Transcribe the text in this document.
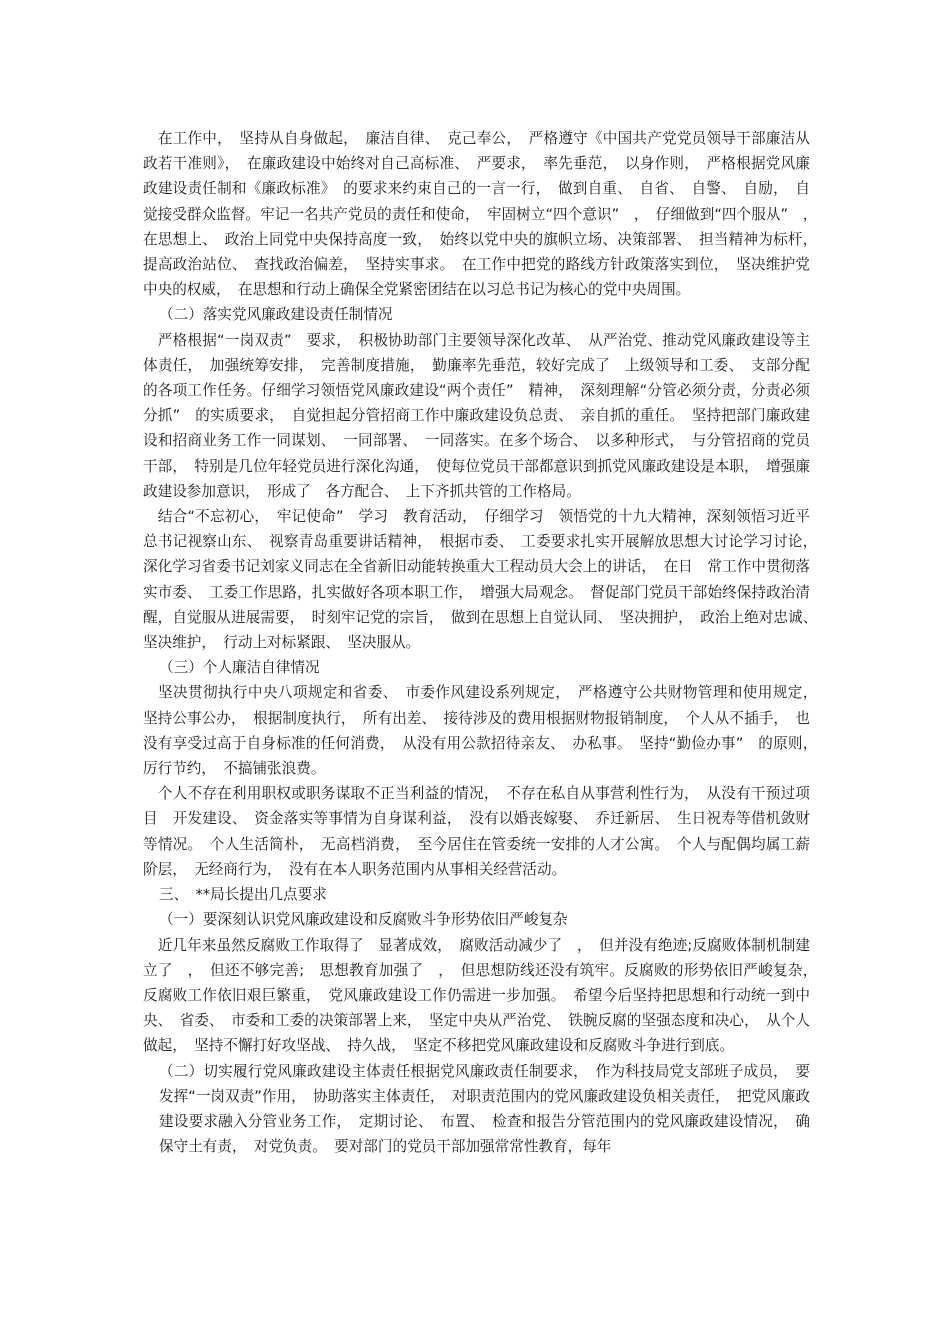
　在工作中，　坚持从自身做起，　廉洁自律、　克己奉公，　严格遵守《中国共产党党员领导干部廉洁从政若干准则》，　在廉政建设中始终对自己高标准、　严要求，　率先垂范，　以身作则，　严格根据党风廉政建设责任制和《廉政标准》　的要求来约束自己的一言一行，　做到自重、　自省、　自警、　自励，　自觉接受群众监督。牢记一名共产党员的责任和使命，　牢固树立“四个意识”　，　仔细做到“四个服从”　，　在思想上、　政治上同党中央保持高度一致，　始终以党中央的旗帜立场、决策部署、　担当精神为标杆，　提高政治站位、　查找政治偏差，　坚持实事求。　在工作中把党的路线方针政策落实到位，　坚决维护党中央的权威，　在思想和行动上确保全党紧密团结在以习总书记为核心的党中央周围。

（二）落实党风廉政建设责任制情况

　严格根据“一岗双责”　要求，　积极协助部门主要领导深化改革、　从严治党、推动党风廉政建设等主体责任，　加强统筹安排，　完善制度措施，　勤廉率先垂范，较好完成了　上级领导和工委、　支部分配的各项工作任务。仔细学习领悟党风廉政建设“两个责任”　精神，　深刻理解“分管必须分责，分责必须分抓”　的实质要求，　自觉担起分管招商工作中廉政建设负总责、　亲自抓的重任。　坚持把部门廉政建设和招商业务工作一同谋划、　一同部署、　一同落实。在多个场合、　以多种形式，　与分管招商的党员干部，　特别是几位年轻党员进行深化沟通，　使每位党员干部都意识到抓党风廉政建设是本职，　增强廉政建设参加意识，　形成了　各方配合、　上下齐抓共管的工作格局。

　结合“不忘初心，　牢记使命”　学习　教育活动，　仔细学习　领悟党的十九大精神，深刻领悟习近平总书记视察山东、　视察青岛重要讲话精神，　根据市委、　工委要求扎实开展解放思想大讨论学习讨论，　深化学习省委书记刘家义同志在全省新旧动能转换重大工程动员大会上的讲话，　在日　常工作中贯彻落实市委、　工委工作思路，扎实做好各项本职工作，　增强大局观念。　督促部门党员干部始终保持政治清醒，自觉服从进展需要，　时刻牢记党的宗旨，　做到在思想上自觉认同、　坚决拥护，　政治上绝对忠诚、　坚决维护，　行动上对标紧跟、　坚决服从。

（三）个人廉洁自律情况

　坚决贯彻执行中央八项规定和省委、　市委作风建设系列规定，　严格遵守公共财物管理和使用规定，　坚持公事公办，　根据制度执行，　所有出差、　接待涉及的费用根据财物报销制度，　个人从不插手，　也没有享受过高于自身标准的任何消费，　从没有用公款招待亲友、　办私事。　坚持“勤俭办事”　的原则，　厉行节约，　不搞铺张浪费。

　个人不存在利用职权或职务谋取不正当利益的情况，　不存在私自从事营利性行为，　从没有干预过项目　开发建设、　资金落实等事情为自身谋利益，　没有以婚丧嫁娶、　乔迁新居、　生日祝寿等借机敛财等情况。　个人生活简朴，　无高档消费，　至今居住在管委统一安排的人才公寓。　个人与配偶均属工薪阶层，　无经商行为，　没有在本人职务范围内从事相关经营活动。

三、　**局长提出几点要求

（一）要深刻认识党风廉政建设和反腐败斗争形势依旧严峻复杂

　近几年来虽然反腐败工作取得了　显著成效，　腐败活动减少了　，　但并没有绝迹;反腐败体制机制建立了　，　但还不够完善;　思想教育加强了　，　但思想防线还没有筑牢。反腐败的形势依旧严峻复杂，　反腐败工作依旧艰巨繁重，　党风廉政建设工作仍需进一步加强。　希望今后坚持把思想和行动统一到中央、　省委、　市委和工委的决策部署上来，　坚定中央从严治党、　铁腕反腐的坚强态度和决心，　从个人做起，　坚持不懈打好攻坚战、　持久战，　坚定不移把党风廉政建设和反腐败斗争进行到底。

（二）切实履行党风廉政建设主体责任根据党风廉政责任制要求，　作为科技局党支部班子成员，　要发挥“一岗双责”作用，　协助落实主体责任，　对职责范围内的党风廉政建设负相关责任，　把党风廉政建设要求融入分管业务工作，　定期讨论、　布置、　检查和报告分管范围内的党风廉政建设情况，　确保守土有责，　对党负责。　要对部门的党员干部加强常常性教育，每年
